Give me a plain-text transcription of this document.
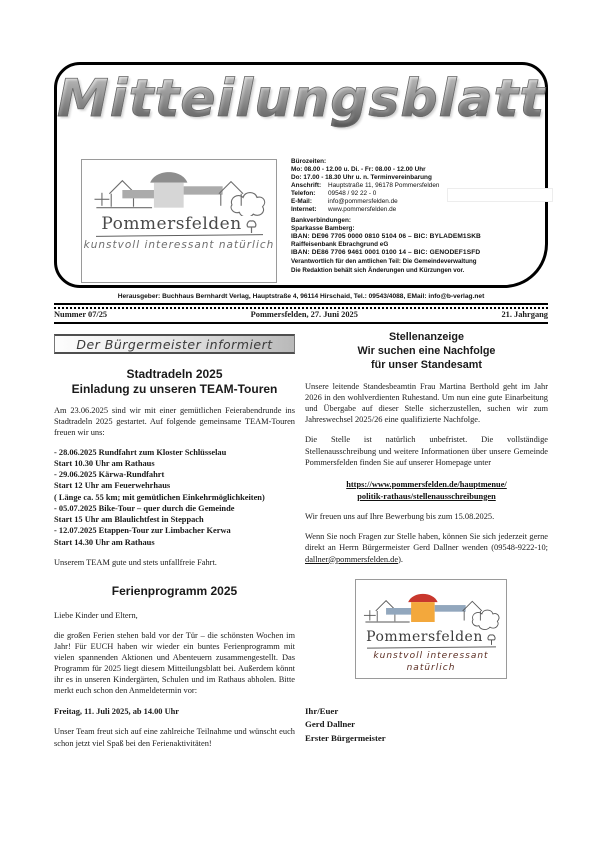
Mitteilungsblatt
Pommersfelden
kunstvoll interessant natürlich
Bürozeiten:
Mo: 08.00 - 12.00 u. Di. - Fr: 08.00 - 12.00 Uhr
Do: 17.00 - 18.30 Uhr u. n. Terminvereinbarung
Anschrift:	Hauptstraße 11, 96178 Pommersfelden
Telefon:	09548 / 92 22 - 0
E-Mail:	info@pommersfelden.de
Internet:	www.pommersfelden.de
Bankverbindungen:
Sparkasse Bamberg:
IBAN: DE96 7705 0000 0810 5104 06 – BIC: BYLADEM1SKB
Raiffeisenbank Ebrachgrund eG
IBAN: DE86 7706 9461 0001 0100 14 – BIC: GENODEF1SFD
Verantwortlich für den amtlichen Teil: Die Gemeindeverwaltung
Die Redaktion behält sich Änderungen und Kürzungen vor.
Herausgeber: Buchhaus Bernhardt Verlag, Hauptstraße 4, 96114 Hirschaid, Tel.: 09543/4088, EMail: info@b-verlag.net
Nummer 07/25	Pommersfelden, 27. Juni 2025	21. Jahrgang
Der Bürgermeister informiert
Stadtradeln 2025
Einladung zu unseren TEAM-Touren

Am 23.06.2025 sind wir mit einer gemütlichen Feierabendrunde ins Stadtradeln 2025 gestartet. Auf folgende gemeinsame TEAM-Touren freuen wir uns:

- 28.06.2025 Rundfahrt zum Kloster Schlüsselau
Start 10.30 Uhr am Rathaus
- 29.06.2025 Kärwa-Rundfahrt
Start 12 Uhr am Feuerwehrhaus
( Länge ca. 55 km; mit gemütlichen Einkehrmöglichkeiten)
- 05.07.2025 Bike-Tour – quer durch die Gemeinde
Start 15 Uhr am Blaulichtfest in Steppach
- 12.07.2025 Etappen-Tour zur Limbacher Kerwa
Start 14.30 Uhr am Rathaus

Unserem TEAM gute und stets unfallfreie Fahrt.

Ferienprogramm 2025

Liebe Kinder und Eltern,

die großen Ferien stehen bald vor der Tür – die schönsten Wochen im Jahr! Für EUCH haben wir wieder ein buntes Ferienprogramm mit vielen spannenden Aktionen und Abenteuern zusammengestellt. Das Programm für 2025 liegt diesem Mitteilungsblatt bei. Außerdem könnt ihr es in unseren Kindergärten, Schulen und im Rathaus abholen. Bitte merkt euch schon den Anmeldetermin vor:

Freitag, 11. Juli 2025, ab 14.00 Uhr

Unser Team freut sich auf eine zahlreiche Teilnahme und wünscht euch schon jetzt viel Spaß bei den Ferienaktivitäten!

Stellenanzeige
Wir suchen eine Nachfolge
für unser Standesamt

Unsere leitende Standesbeamtin Frau Martina Berthold geht im Jahr 2026 in den wohlverdienten Ruhestand. Um nun eine gute Einarbeitung und Übergabe auf dieser Stelle sicherzustellen, suchen wir zum Jahreswechsel 2025/26 eine qualifizierte Nachfolge.

Die Stelle ist natürlich unbefristet. Die vollständige Stellenausschreibung und weitere Informationen über unsere Gemeinde Pommersfelden finden Sie auf unserer Homepage unter

https://www.pommersfelden.de/hauptmenue/
politik-rathaus/stellenausschreibungen

Wir freuen uns auf Ihre Bewerbung bis zum 15.08.2025.

Wenn Sie noch Fragen zur Stelle haben, können Sie sich jederzeit gerne direkt an Herrn Bürgermeister Gerd Dallner wenden (09548-9222-10; dallner@pommersfelden.de).

Pommersfelden
kunstvoll interessant natürlich
Ihr/Euer
Gerd Dallner
Erster Bürgermeister
